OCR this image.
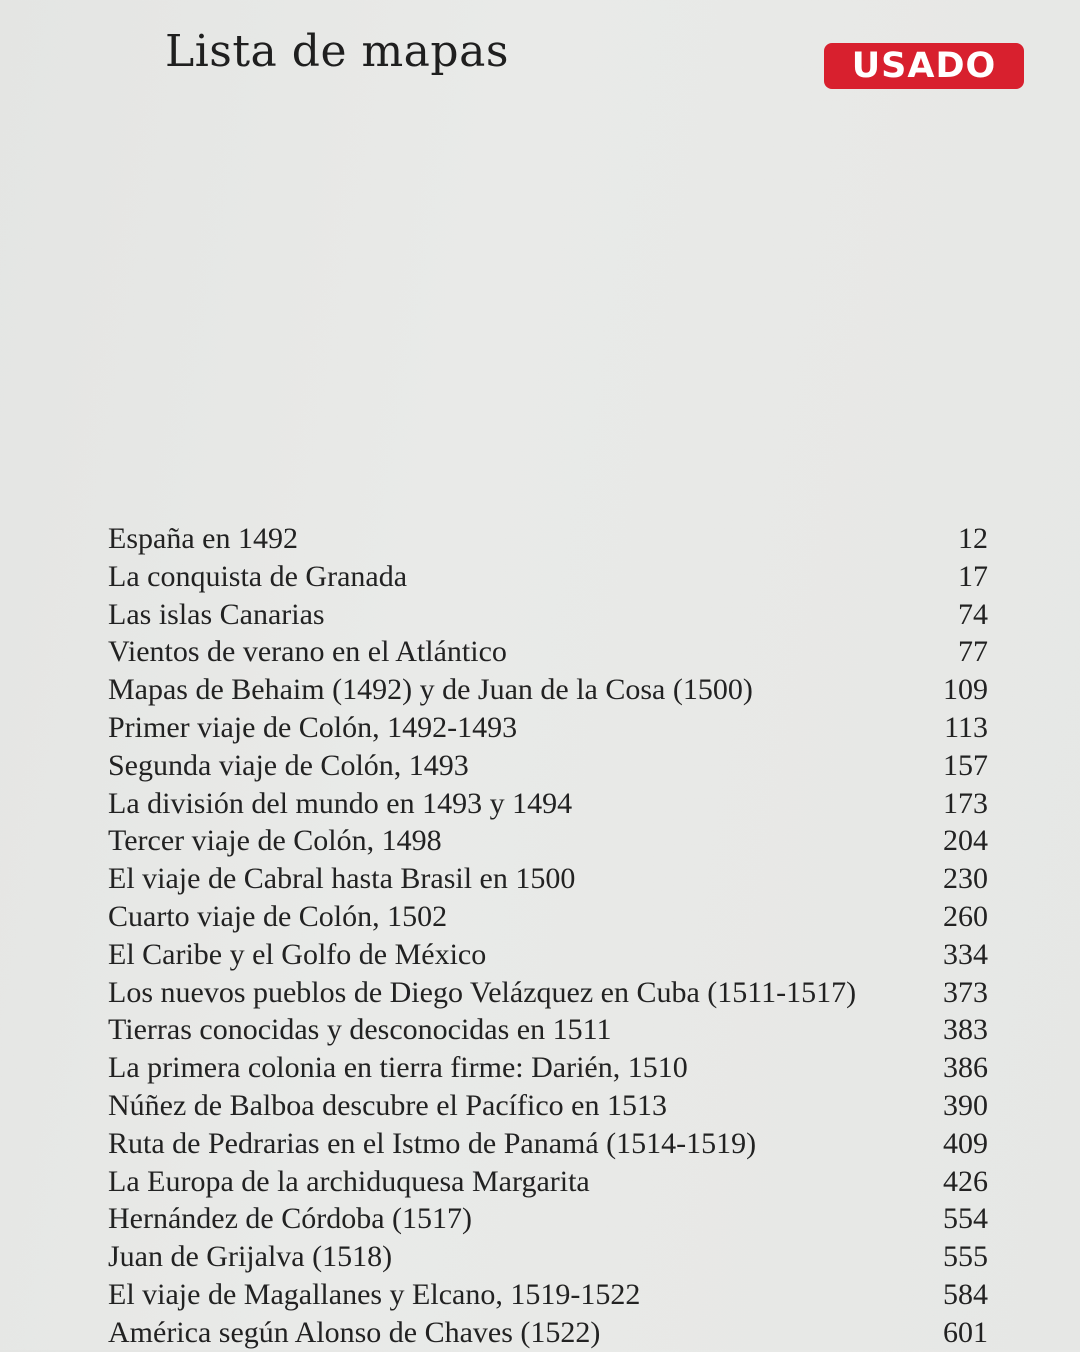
Lista de mapas	USADO
España en 1492	12
La conquista de Granada	17
Las islas Canarias	74
Vientos de verano en el Atlántico	77
Mapas de Behaim (1492) y de Juan de la Cosa (1500)	109
Primer viaje de Colón, 1492-1493	113
Segunda viaje de Colón, 1493	157
La división del mundo en 1493 y 1494	173
Tercer viaje de Colón, 1498	204
El viaje de Cabral hasta Brasil en 1500	230
Cuarto viaje de Colón, 1502	260
El Caribe y el Golfo de México	334
Los nuevos pueblos de Diego Velázquez en Cuba (1511-1517)	373
Tierras conocidas y desconocidas en 1511	383
La primera colonia en tierra firme: Darién, 1510	386
Núñez de Balboa descubre el Pacífico en 1513	390
Ruta de Pedrarias en el Istmo de Panamá (1514-1519)	409
La Europa de la archiduquesa Margarita	426
Hernández de Córdoba (1517)	554
Juan de Grijalva (1518)	555
El viaje de Magallanes y Elcano, 1519-1522	584
América según Alonso de Chaves (1522)	601
